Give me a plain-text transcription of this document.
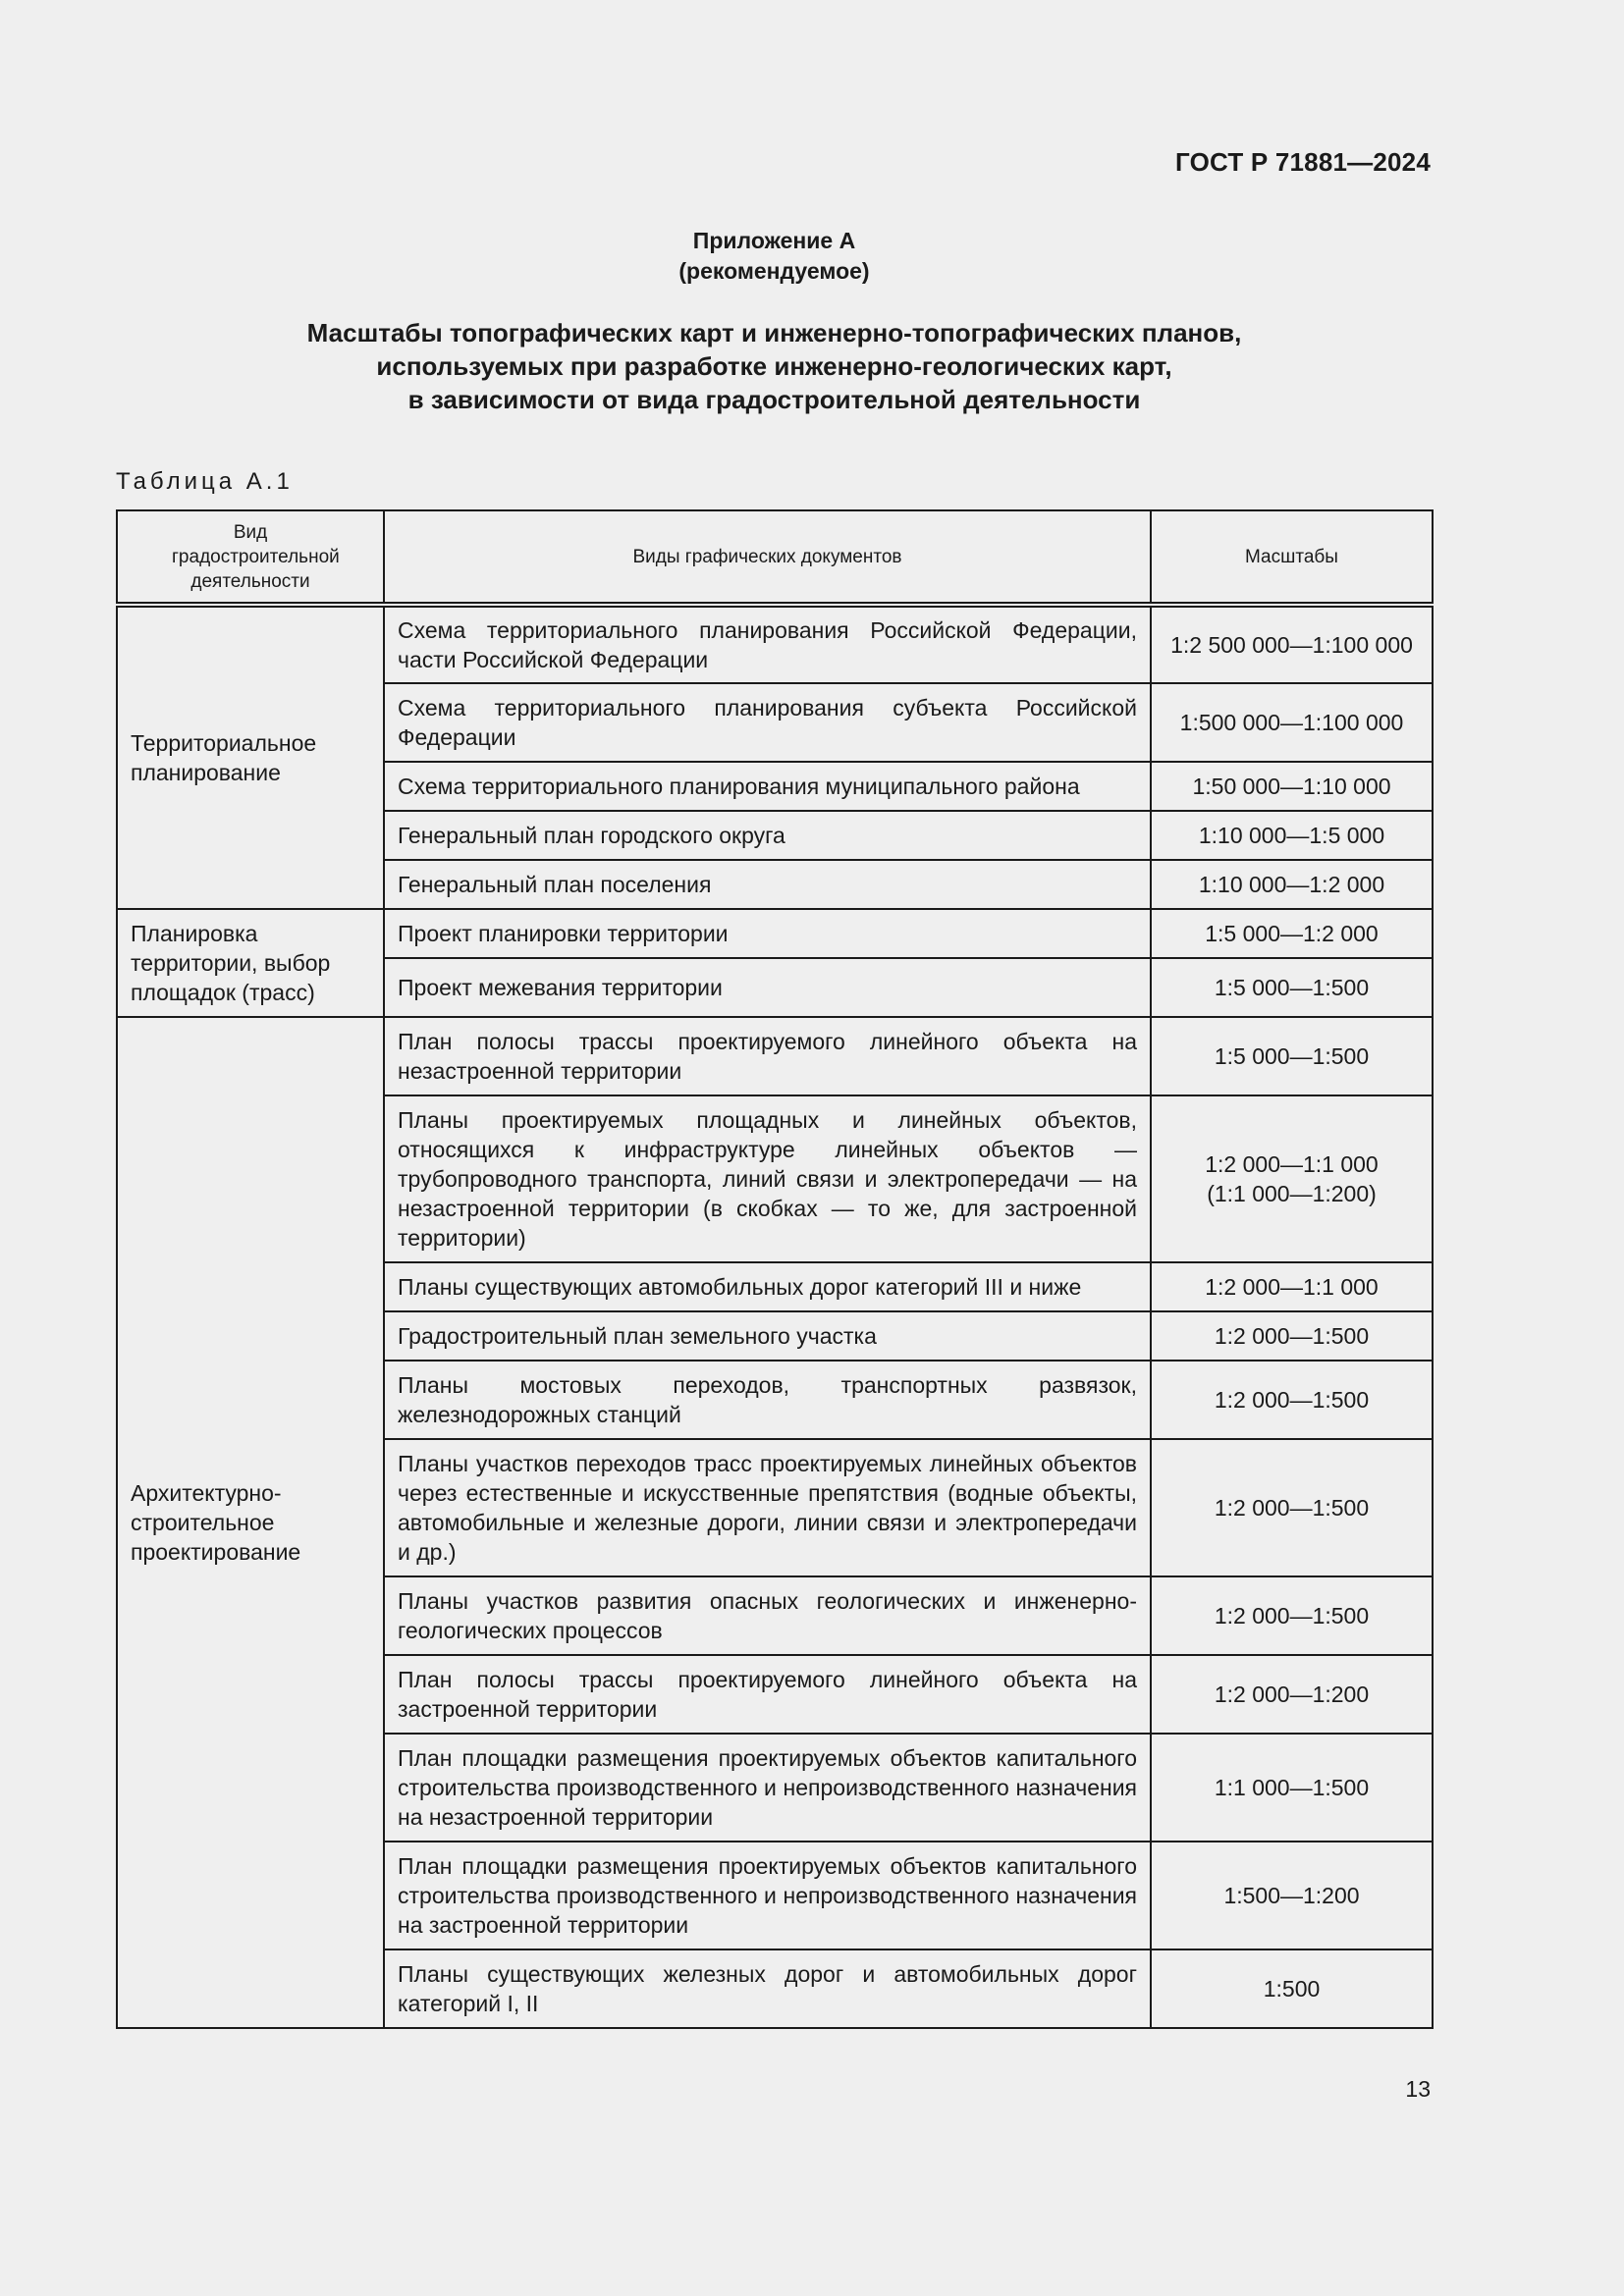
ГОСТ Р 71881—2024
Приложение А
(рекомендуемое)
Масштабы топографических карт и инженерно-топографических планов,
используемых при разработке инженерно-геологических карт,
в зависимости от вида градостроительной деятельности
Таблица А.1
Вид градостроительной деятельности	Виды графических документов	Масштабы
Территориальное планирование	Схема территориального планирования Российской Федерации, части Российской Федерации	1:2 500 000—1:100 000
	Схема территориального планирования субъекта Российской Федерации	1:500 000—1:100 000
	Схема территориального планирования муниципального района	1:50 000—1:10 000
	Генеральный план городского округа	1:10 000—1:5 000
	Генеральный план поселения	1:10 000—1:2 000
Планировка территории, выбор площадок (трасс)	Проект планировки территории	1:5 000—1:2 000
	Проект межевания территории	1:5 000—1:500

Архитектурно-строительное проектирование	План полосы трассы проектируемого линейного объекта на незастроенной территории	1:5 000—1:500
	Планы проектируемых площадных и линейных объектов, относящихся к инфраструктуре линейных объектов — трубопроводного транспорта, линий связи и электропередачи — на незастроенной территории (в скобках — то же, для застроенной территории)	1:2 000—1:1 000
(1:1 000—1:200)

	Планы существующих автомобильных дорог категорий III и ниже	1:2 000—1:1 000
	Градостроительный план земельного участка	1:2 000—1:500
	Планы мостовых переходов, транспортных развязок, железнодорожных станций	1:2 000—1:500
	Планы участков переходов трасс проектируемых линейных объектов через естественные и искусственные препятствия (водные объекты, автомобильные и железные дороги, линии связи и электропередачи и др.)	1:2 000—1:500
	Планы участков развития опасных геологических и инженерно-геологических процессов	1:2 000—1:500
	План полосы трассы проектируемого линейного объекта на застроенной территории	1:2 000—1:200
	План площадки размещения проектируемых объектов капитального строительства производственного и непроизводственного назначения на незастроенной территории	1:1 000—1:500
	План площадки размещения проектируемых объектов капитального строительства производственного и непроизводственного назначения на застроенной территории	1:500—1:200
	Планы существующих железных дорог и автомобильных дорог категорий I, II	1:500
13
